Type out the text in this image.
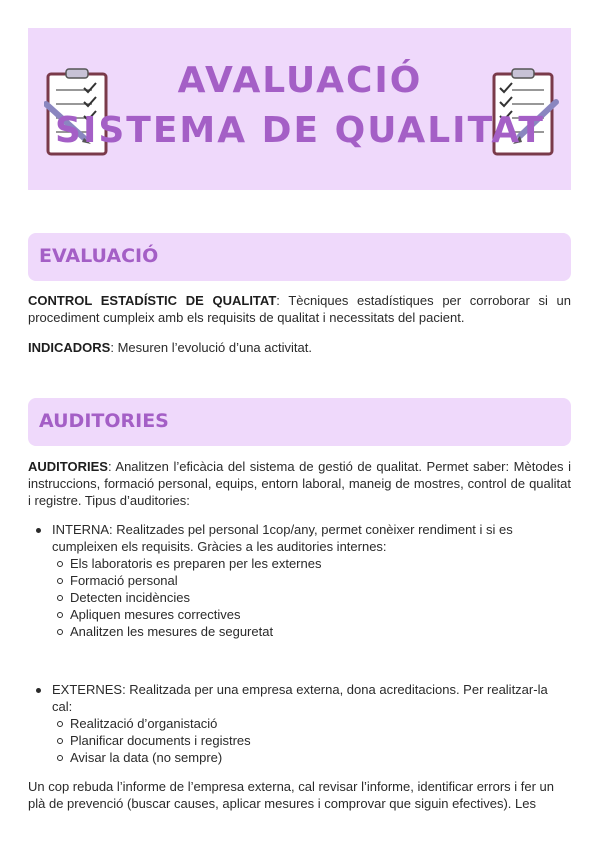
AVALUACIÓ
SISTEMA DE QUALITAT
EVALUACIÓ
CONTROL ESTADÍSTIC DE QUALITAT: Tècniques estadístiques per corroborar si un procediment cumpleix amb els requisits de qualitat i necessitats del pacient.
INDICADORS: Mesuren l’evolució d’una activitat.
AUDITORIES
AUDITORIES: Analitzen l’eficàcia del sistema de gestió de qualitat. Permet saber: Mètodes i instruccions, formació personal, equips, entorn laboral, maneig de mostres, control de qualitat i registre. Tipus d’auditories:
INTERNA: Realitzades pel personal 1cop/any, permet conèixer rendiment i si es cumpleixen els requisits. Gràcies a les auditories internes:
Els laboratoris es preparen per les externes
Formació personal
Detecten incidències
Apliquen mesures correctives
Analitzen les mesures de seguretat
EXTERNES: Realitzada per una empresa externa, dona acreditacions. Per realitzar-la cal:
Realització d’organistació
Planificar documents i registres
Avisar la data (no sempre)
Un cop rebuda l’informe de l’empresa externa, cal revisar l’informe, identificar errors i fer un plà de prevenció (buscar causes, aplicar mesures i comprovar que siguin efectives). Les
